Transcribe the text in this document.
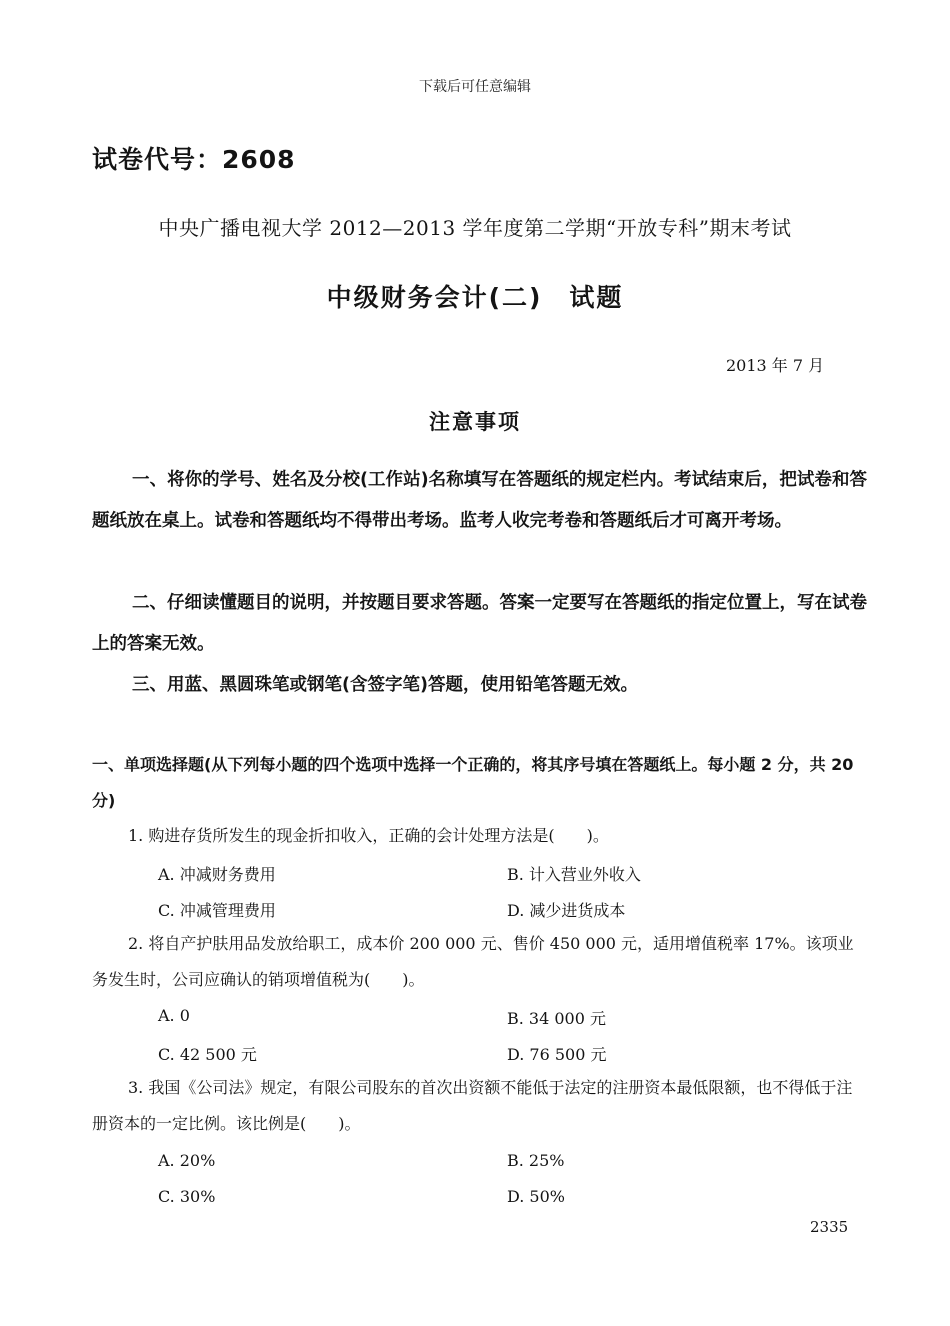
下载后可任意编辑
试卷代号：2608
中央广播电视大学 2012—2013 学年度第二学期“开放专科”期末考试
中级财务会计(二)　试题
2013 年 7 月
注意事项
一、将你的学号、姓名及分校(工作站)名称填写在答题纸的规定栏内。考试结束后，把试卷和答题纸放在桌上。试卷和答题纸均不得带出考场。监考人收完考卷和答题纸后才可离开考场。
二、仔细读懂题目的说明，并按题目要求答题。答案一定要写在答题纸的指定位置上，写在试卷上的答案无效。
三、用蓝、黑圆珠笔或钢笔(含签字笔)答题，使用铅笔答题无效。
一、单项选择题(从下列每小题的四个选项中选择一个正确的，将其序号填在答题纸上。每小题 2 分，共 20 分)
1. 购进存货所发生的现金折扣收入，正确的会计处理方法是(　　)。
A. 冲减财务费用	B. 计入营业外收入
C. 冲减管理费用	D. 减少进货成本
2. 将自产护肤用品发放给职工，成本价 200 000 元、售价 450 000 元，适用增值税率 17%。该项业务发生时，公司应确认的销项增值税为(　　)。
A. 0	B. 34 000 元
C. 42 500 元	D. 76 500 元
3. 我国《公司法》规定，有限公司股东的首次出资额不能低于法定的注册资本最低限额，也不得低于注册资本的一定比例。该比例是(　　)。
A. 20%	B. 25%
C. 30%	D. 50%
2335
